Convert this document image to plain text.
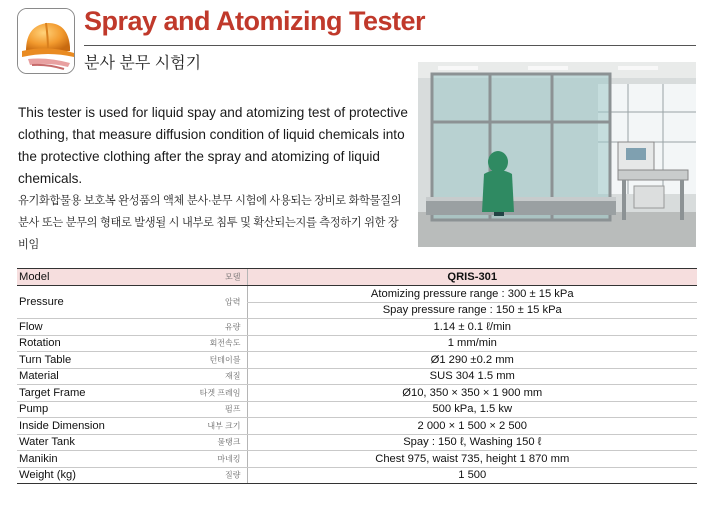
Spray and Atomizing Tester
분사 분무 시험기

This tester is used for liquid spay and atomizing test of protective clothing, that measure diffusion condition of liquid chemicals into the protective clothing after the spray and atomizing of liquid chemicals.

유기화합물용 보호복 완성품의 액체 분사·분무 시험에 사용되는 장비로 화학물질의 분사 또는 분무의 형태로 발생될 시 내부로 침투 및 확산되는지를 측정하기 위한 장비임

Model 모델	QRIS-301
Pressure 압력	Atomizing pressure range : 300 ± 15 kPa
	Spay pressure range : 150 ± 15 kPa
Flow 유량	1.14 ± 0.1 ℓ/min
Rotation 회전속도	1 mm/min
Turn Table 턴테이블	Ø1 290 ±0.2 mm
Material 재질	SUS 304 1.5 mm
Target Frame 타겟 프레임	Ø10, 350 × 350 × 1 900 mm
Pump 펌프	500 kPa, 1.5 kw
Inside Dimension 내부 크기	2 000 × 1 500 × 2 500
Water Tank 물탱크	Spay : 150 ℓ, Washing 150 ℓ
Manikin 마네킹	Chest 975, waist 735, height 1 870 mm
Weight (kg) 질량	1 500
